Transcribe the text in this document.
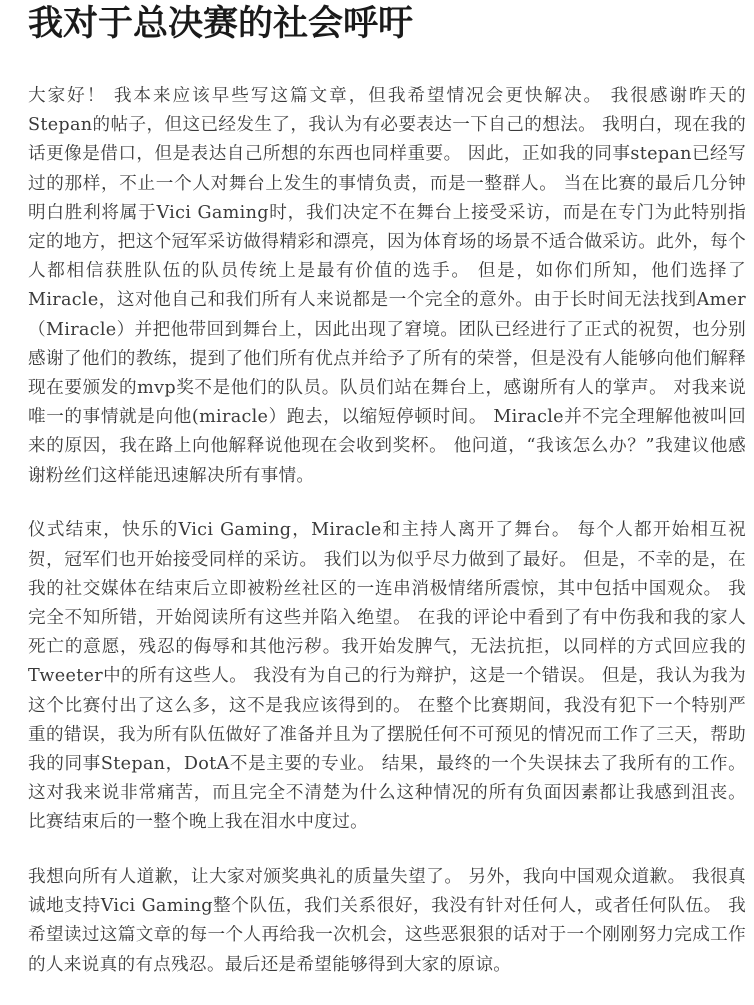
我对于总决赛的社会呼吁

大家好！ 我本来应该早些写这篇文章，但我希望情况会更快解决。 我很感谢昨天的Stepan的帖子，但这已经发生了，我认为有必要表达一下自己的想法。 我明白，现在我的话更像是借口，但是表达自己所想的东西也同样重要。 因此，正如我的同事stepan已经写过的那样，不止一个人对舞台上发生的事情负责，而是一整群人。 当在比赛的最后几分钟明白胜利将属于Vici Gaming时，我们决定不在舞台上接受采访，而是在专门为此特别指定的地方，把这个冠军采访做得精彩和漂亮，因为体育场的场景不适合做采访。此外，每个人都相信获胜队伍的队员传统上是最有价值的选手。 但是，如你们所知，他们选择了Miracle，这对他自己和我们所有人来说都是一个完全的意外。由于长时间无法找到Amer（Miracle）并把他带回到舞台上，因此出现了窘境。团队已经进行了正式的祝贺，也分别感谢了他们的教练，提到了他们所有优点并给予了所有的荣誉，但是没有人能够向他们解释现在要颁发的mvp奖不是他们的队员。队员们站在舞台上，感谢所有人的掌声。 对我来说唯一的事情就是向他(miracle）跑去，以缩短停顿时间。 Miracle并不完全理解他被叫回来的原因，我在路上向他解释说他现在会收到奖杯。 他问道，“我该怎么办？”我建议他感谢粉丝们这样能迅速解决所有事情。

仪式结束，快乐的Vici Gaming，Miracle和主持人离开了舞台。 每个人都开始相互祝贺，冠军们也开始接受同样的采访。 我们以为似乎尽力做到了最好。 但是，不幸的是，在我的社交媒体在结束后立即被粉丝社区的一连串消极情绪所震惊，其中包括中国观众。 我完全不知所错，开始阅读所有这些并陷入绝望。 在我的评论中看到了有中伤我和我的家人死亡的意愿，残忍的侮辱和其他污秽。我开始发脾气，无法抗拒，以同样的方式回应我的Tweeter中的所有这些人。 我没有为自己的行为辩护，这是一个错误。 但是，我认为我为这个比赛付出了这么多，这不是我应该得到的。 在整个比赛期间，我没有犯下一个特别严重的错误，我为所有队伍做好了准备并且为了摆脱任何不可预见的情况而工作了三天，帮助我的同事Stepan，DotA不是主要的专业。 结果，最终的一个失误抹去了我所有的工作。 这对我来说非常痛苦，而且完全不清楚为什么这种情况的所有负面因素都让我感到沮丧。 比赛结束后的一整个晚上我在泪水中度过。

我想向所有人道歉，让大家对颁奖典礼的质量失望了。 另外，我向中国观众道歉。 我很真诚地支持Vici Gaming整个队伍，我们关系很好，我没有针对任何人，或者任何队伍。 我希望读过这篇文章的每一个人再给我一次机会，这些恶狠狠的话对于一个刚刚努力完成工作的人来说真的有点残忍。最后还是希望能够得到大家的原谅。
